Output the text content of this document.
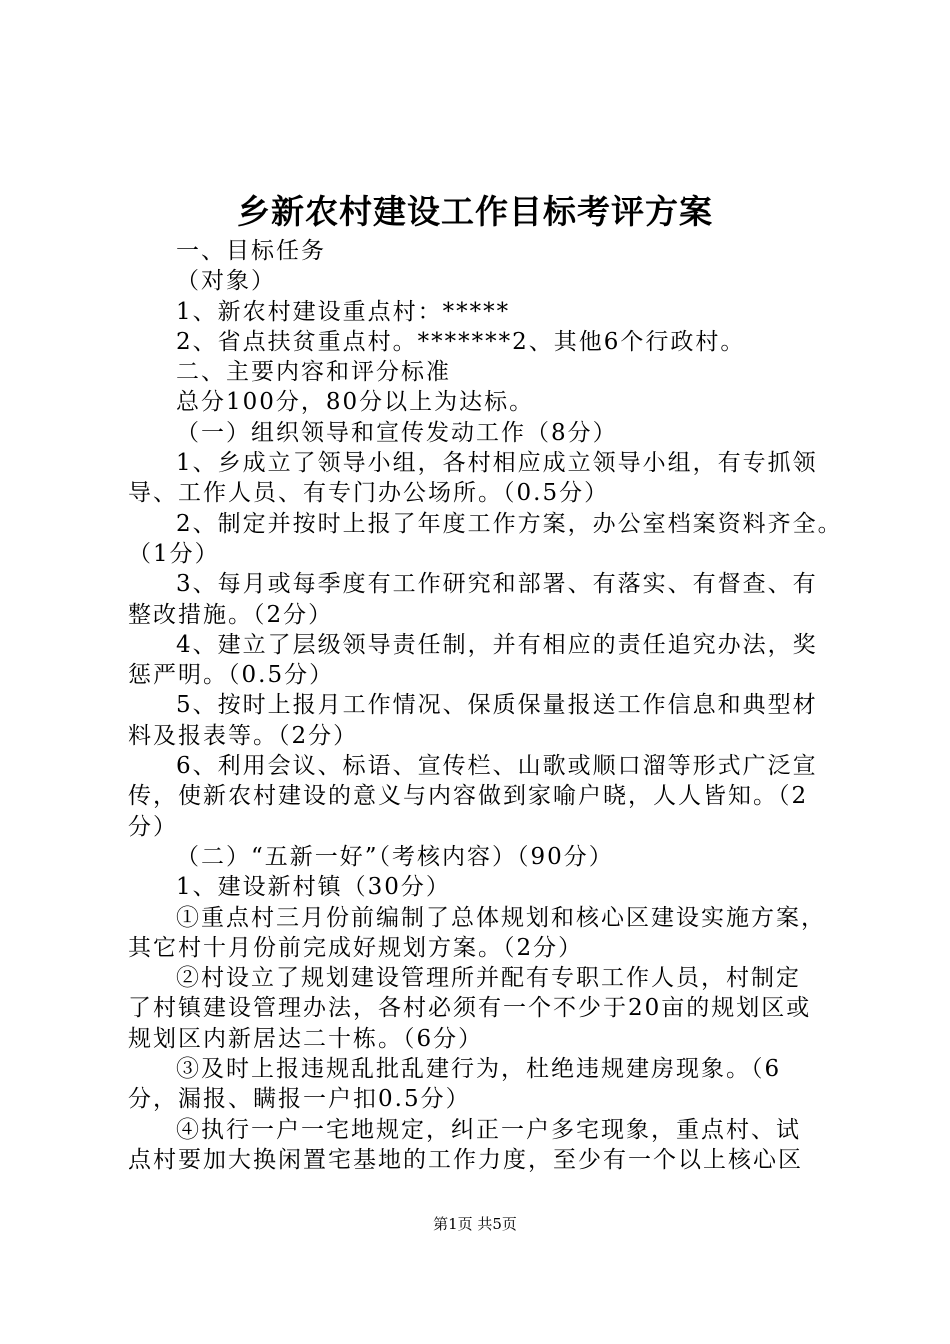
乡新农村建设工作目标考评方案

一、目标任务

（对象）

1、新农村建设重点村：*****

2、省点扶贫重点村。*******2、其他6个行政村。

二、主要内容和评分标准

总分100分，80分以上为达标。

（一）组织领导和宣传发动工作（8分）

1、乡成立了领导小组，各村相应成立领导小组，有专抓领

导、工作人员、有专门办公场所。（0.5分）

2、制定并按时上报了年度工作方案，办公室档案资料齐全。

（1分）

3、每月或每季度有工作研究和部署、有落实、有督查、有

整改措施。（2分）

4、建立了层级领导责任制，并有相应的责任追究办法，奖

惩严明。（0.5分）

5、按时上报月工作情况、保质保量报送工作信息和典型材

料及报表等。（2分）

6、利用会议、标语、宣传栏、山歌或顺口溜等形式广泛宣

传，使新农村建设的意义与内容做到家喻户晓，人人皆知。（2

分）

（二）“五新一好”（考核内容）（90分）

1、建设新村镇（30分）

①重点村三月份前编制了总体规划和核心区建设实施方案，

其它村十月份前完成好规划方案。（2分）

②村设立了规划建设管理所并配有专职工作人员，村制定

了村镇建设管理办法，各村必须有一个不少于20亩的规划区或

规划区内新居达二十栋。（6分）

③及时上报违规乱批乱建行为，杜绝违规建房现象。（6

分，漏报、瞒报一户扣0.5分）

④执行一户一宅地规定，纠正一户多宅现象，重点村、试

点村要加大换闲置宅基地的工作力度，至少有一个以上核心区

第1页 共5页
